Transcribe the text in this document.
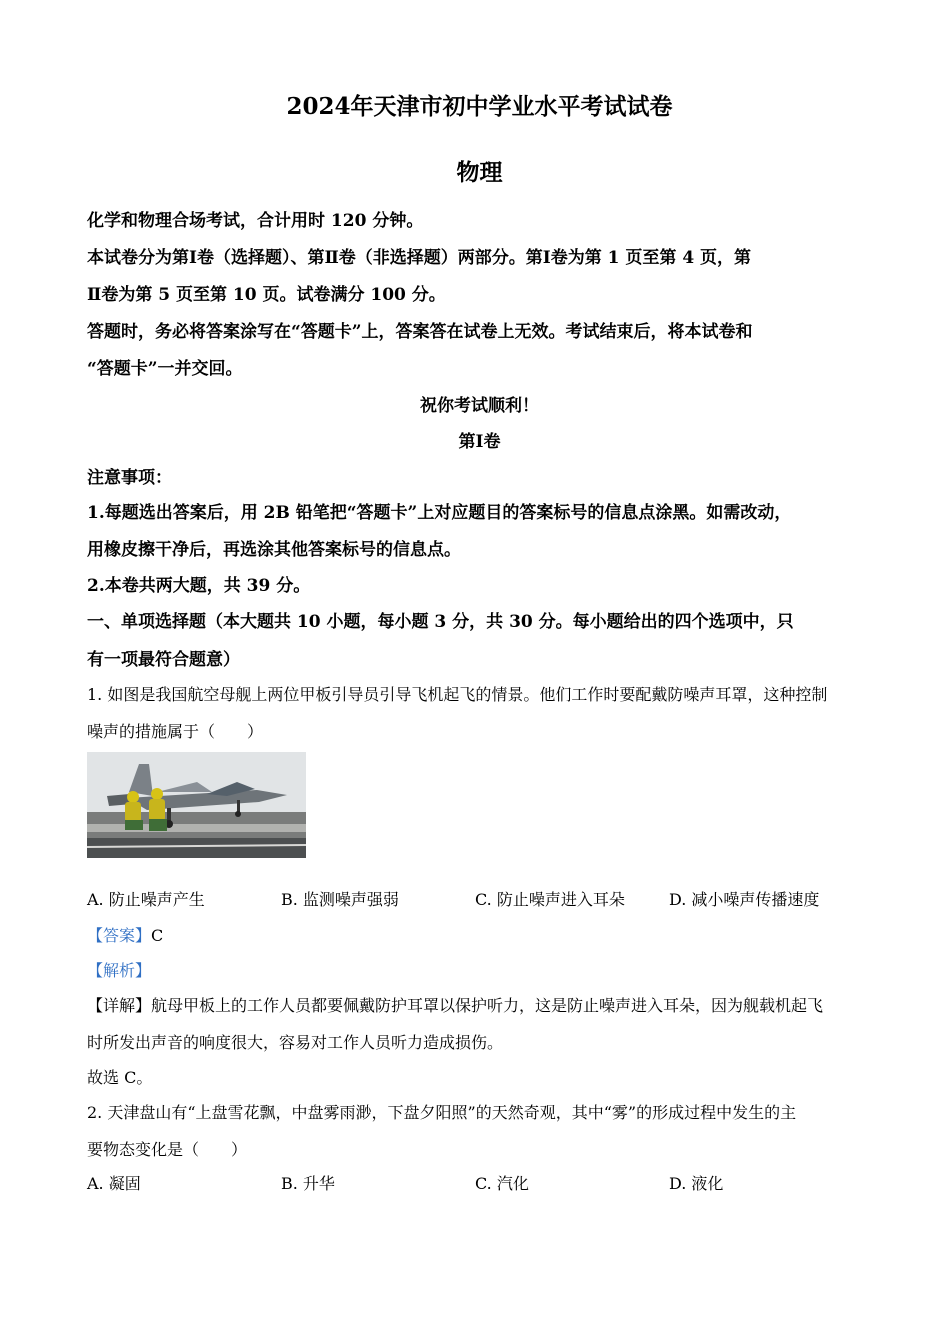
2024年天津市初中学业水平考试试卷
物理
化学和物理合场考试，合计用时 120 分钟。
本试卷分为第Ⅰ卷（选择题）、第Ⅱ卷（非选择题）两部分。第Ⅰ卷为第 1 页至第 4 页，第
Ⅱ卷为第 5 页至第 10 页。试卷满分 100 分。
答题时，务必将答案涂写在“答题卡”上，答案答在试卷上无效。考试结束后，将本试卷和
“答题卡”一并交回。
祝你考试顺利！
第Ⅰ卷
注意事项：
1.每题选出答案后，用 2B 铅笔把“答题卡”上对应题目的答案标号的信息点涂黑。如需改动，
用橡皮擦干净后，再选涂其他答案标号的信息点。
2.本卷共两大题，共 39 分。
一、单项选择题（本大题共 10 小题，每小题 3 分，共 30 分。每小题给出的四个选项中，只
有一项最符合题意）
1. 如图是我国航空母舰上两位甲板引导员引导飞机起飞的情景。他们工作时要配戴防噪声耳罩，这种控制
噪声的措施属于（　　）
A. 防止噪声产生	B. 监测噪声强弱	C. 防止噪声进入耳朵	D. 减小噪声传播速度
【答案】C
【解析】
【详解】航母甲板上的工作人员都要佩戴防护耳罩以保护听力，这是防止噪声进入耳朵，因为舰载机起飞
时所发出声音的响度很大，容易对工作人员听力造成损伤。
故选 C。
2. 天津盘山有“上盘雪花飘，中盘雾雨渺，下盘夕阳照”的天然奇观，其中“雾”的形成过程中发生的主
要物态变化是（　　）
A. 凝固	B. 升华	C. 汽化	D. 液化
